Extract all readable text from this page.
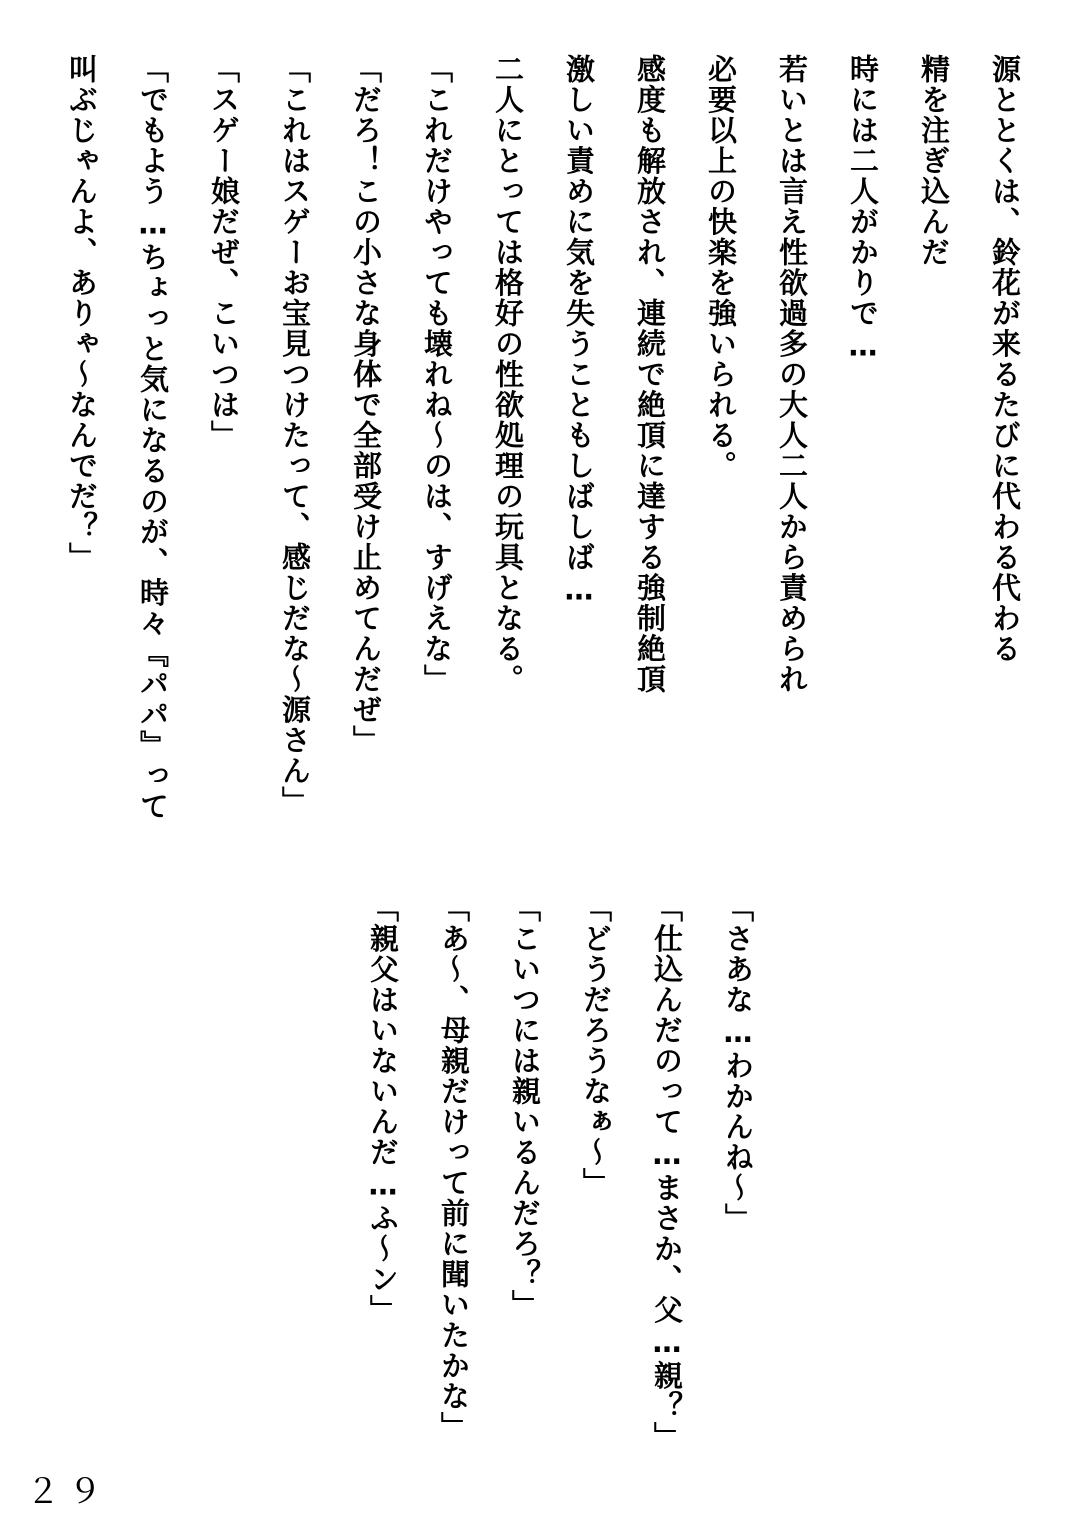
源ととくは、鈴花が来るたびに代わる代わる
精を注ぎ込んだ
時には二人がかりで…
若いとは言え性欲過多の大人二人から責められ
必要以上の快楽を強いられる。
感度も解放され、連続で絶頂に達する強制絶頂
激しい責めに気を失うこともしばしば…
二人にとっては格好の性欲処理の玩具となる。
「これだけやっても壊れね～のは、すげえな」
「だろ！この小さな身体で全部受け止めてんだぜ」
「これはスゲーお宝見つけたって、感じだな～源さん」
「スゲー娘だぜ、こいつは」
「でもよう…ちょっと気になるのが、時々『パパ』って
叫ぶじゃんよ、ありゃ～なんでだ？」
「さあな…わかんね～」
「仕込んだのって…まさか、父…親？」
「どうだろうなぁ～」
「こいつには親いるんだろ？」
「あ～、母親だけって前に聞いたかな」
「親父はいないんだ…ふ～ン」
２９
